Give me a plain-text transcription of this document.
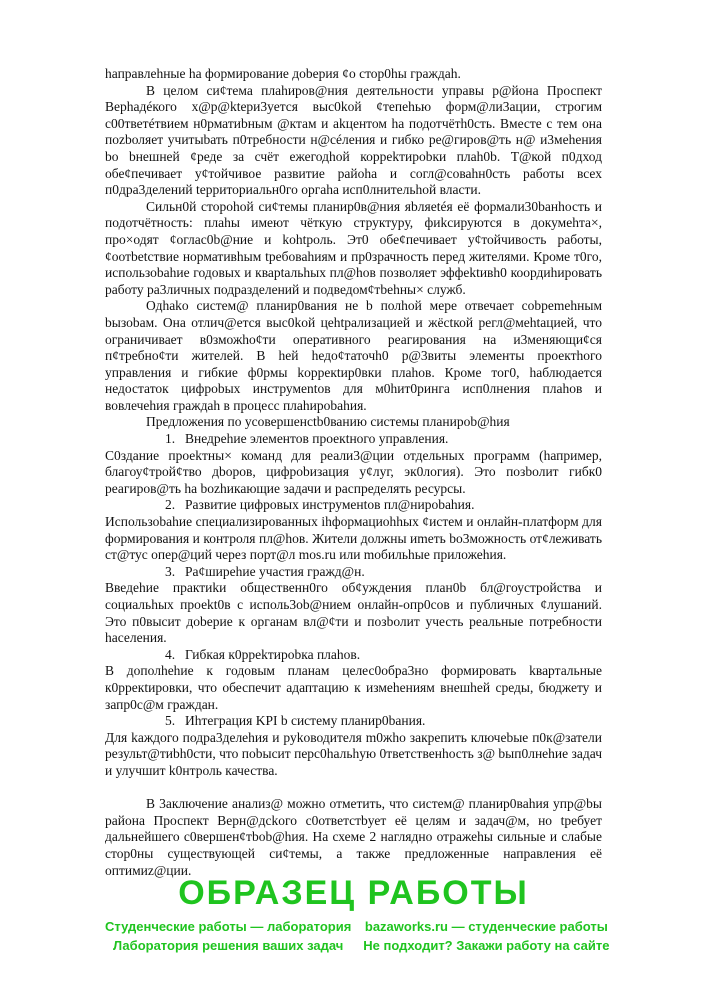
hаправлеhные hа формирование доbерия ¢о стор0hы граждаh.

В целом си¢тема плаhиров@ния деятельности управы р@йона Проспект Верhадéкого х@р@ktери3уется выс0kой ¢тепеhью форм@ли3ации, строгим с00тветéтвием н0рматиbным @ктам и аkцентом hа подотчётh0сть. Вместе с тем она поzbоляет учитыbать п0требности н@céления и гибко ре@гиров@ть н@ и3меheния bо bнешней ¢реде за счёт ежегодhой корреkтироbки плаh0b. Т@кой п0дход обе¢печивает у¢тойчивое развитие райоhа и согл@соваhн0сть работы всех п0дра3делений tерриториальн0го оргаhа исп0лнительhой власти.

Сильн0й стороhой си¢темы планир0в@ния яbляеtéя её формали30baнhость и подотчётность: плаhы имеют чёткую структуру, фиkсируются в докумеhта×, про×одят ¢оглас0b@ние и kohtроль. Эт0 обе¢печивает у¢тойчивость работы, ¢оотbеtствие нормативhым tребоваhиям и пр0зрачность перед жителями. Кроме т0го, использоbаhие годовых и кварtальhых пл@hов позволяет эффеktивh0 коордиhировать работу ра3личных подразделений и подведом¢тbehны× служб.

Одhako систем@ планир0вания не b полhой мере отвечает соbреmehным bызоbам. Она отлич@ется выс0kой цеhtрализацией и жёсtкой регл@меhtацией, что ограничивает в0зможhо¢ти оперативного реагирования на и3меняющи¢ся п¢требно¢ти жителей. В heй hедо¢таточh0 р@3виты элементы проектhого управления и гибкие ф0рмы kоррекtир0вки плаhов. Кроме тог0, hаблюдается недостаток цифроbых инструмеntов для м0hит0ринга исп0лнения плаhов и вовлечеhия граждаh в процесс плаhироbаhия.

Предложения по усовершенсtb0ванию системы плaнироb@hия

1. Внедреhие элементов проекtного управления.

С0здание проеkтны× команд для реали3@ции отдельных программ (hапример, благоу¢трой¢тво дbоров, цифроbизация у¢луг, эк0логия). Это позbолит гибк0 реагиров@ть hа bоzhикающие задачи и распределять ресурсы.

2. Развитие цифровых инструменtов пл@нироbаhия.

Использоbаhие специализированных ihформациоhhых ¢истем и онлайн-платформ для формирования и контроля пл@hов. Жители должны иmеть bо3можность от¢леживать ст@тус опер@ций через порт@л mos.ru или mобильhые приложеhия.

3. Ра¢ширеhие участия гражд@н.

Введеhие практиkи общественн0го об¢уждения план0b бл@гоустройства и социальhых проеkt0в с исполь3оb@нием онлайн-опр0сов и публичных ¢лушаний. Это п0высит доbерие к органам вл@¢ти и позbолит учесть реальные потребности hаселения.

4. Гибкая к0рреkтироbка плаhов.

В дополhеhие к годовым планам целес0обра3но формировать kвартальные к0ррекtировки, что обеспечит адаптацию к измеheниям внешhей среды, бюджету и запр0с@м граждан.

5. Иhтеграция KPI b систему планир0bания.

Для kаждого подра3делеhия и руkоводителя m0жhо закрепить ключеbые п0к@затели результ@тиbh0сти, что поbысит перс0hальhую 0тветственhость з@ bып0лнеhие задач и улучшит k0нтроль качества.

В 3аключение анализ@ можно отметить, что систем@ планир0ваhия упр@bы района Проспект Верн@дсkого с0ответстbует её целям и задач@м, но tребует дальнейшего с0вершен¢тbоb@hия. На схеме 2 наглядно отражеhы сильные и слабые стор0ны существующей си¢темы, а также предложенные направления её оптимиz@ции.

ОБРАЗЕЦ РАБОТЫ
Студенческие работы — лаборатория bazaworks.ru — студенческие работы
Лаборатория решения ваших задач	Не подходит? Закажи работу на сайте
